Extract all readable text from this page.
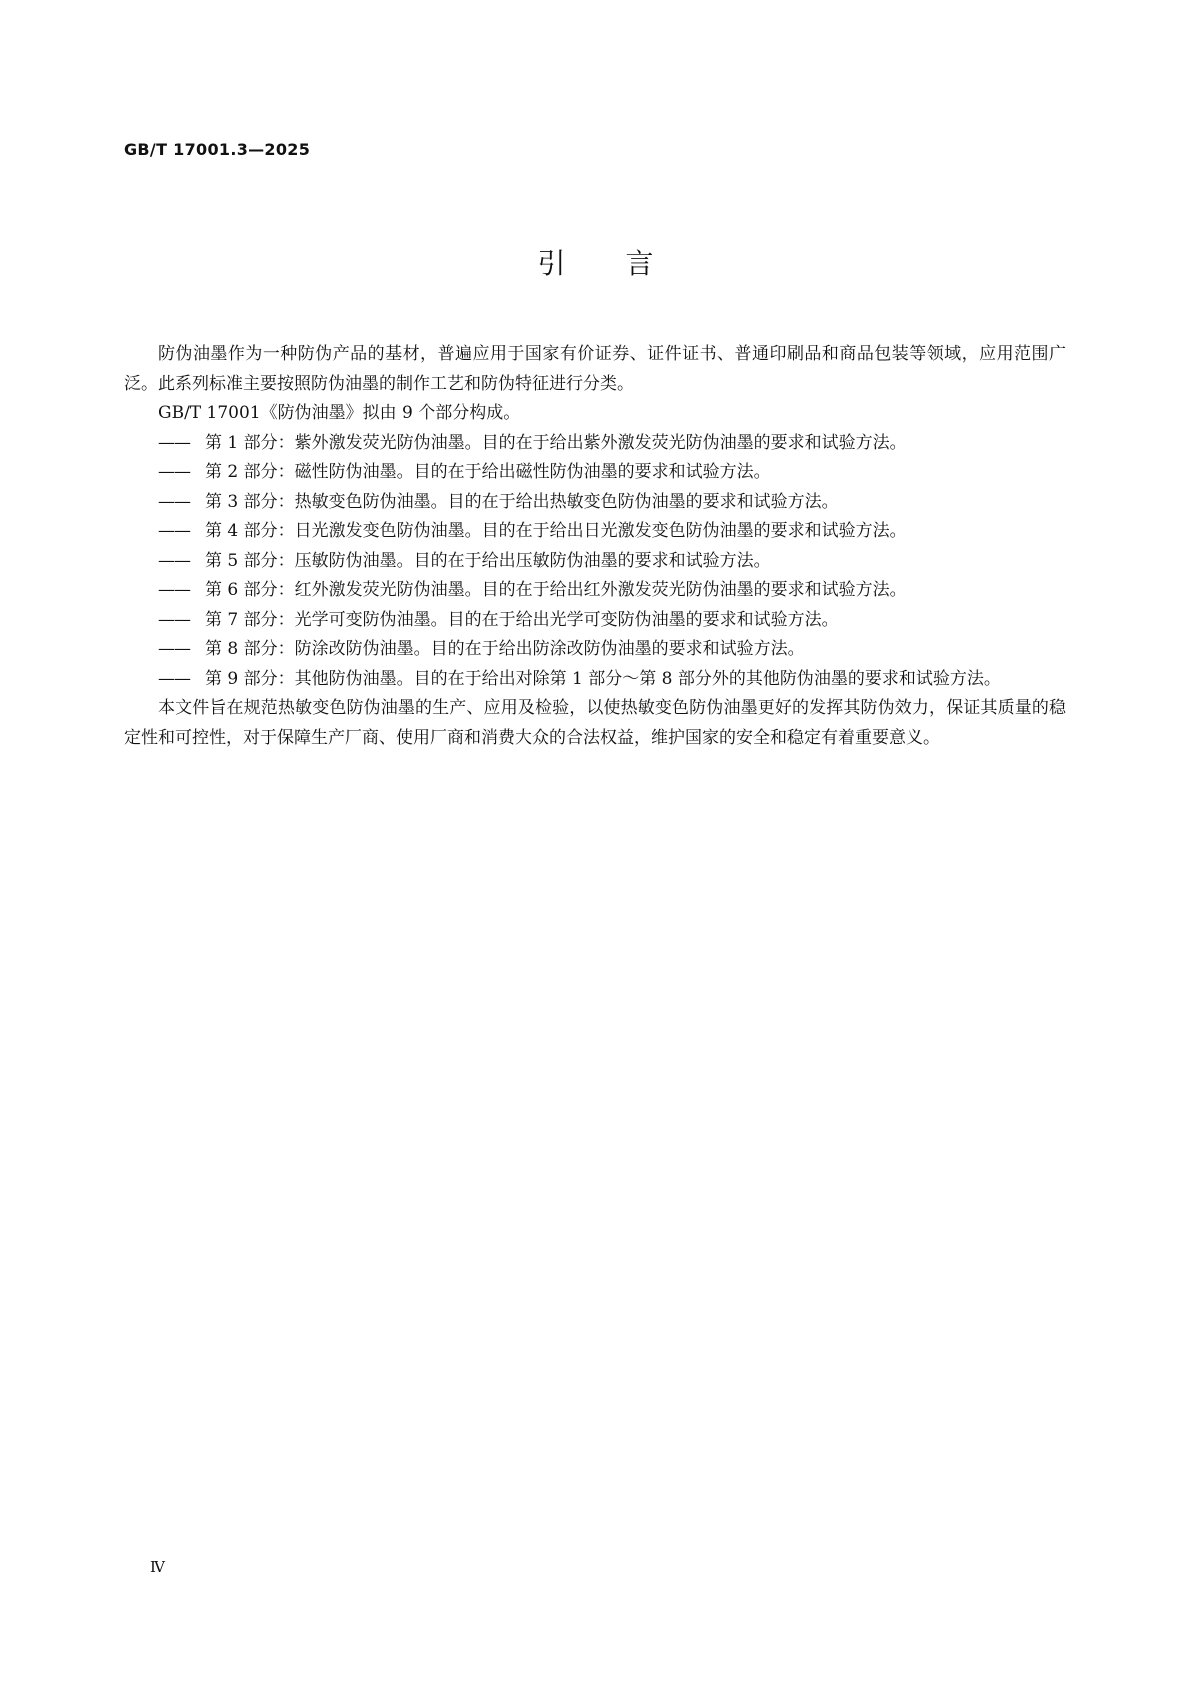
GB/T 17001.3—2025
引言

防伪油墨作为一种防伪产品的基材，普遍应用于国家有价证券、证件证书、普通印刷品和商品包装等领域，应用范围广泛。此系列标准主要按照防伪油墨的制作工艺和防伪特征进行分类。

GB/T 17001《防伪油墨》拟由 9 个部分构成。

—— 第 1 部分：紫外激发荧光防伪油墨。目的在于给出紫外激发荧光防伪油墨的要求和试验方法。

—— 第 2 部分：磁性防伪油墨。目的在于给出磁性防伪油墨的要求和试验方法。

—— 第 3 部分：热敏变色防伪油墨。目的在于给出热敏变色防伪油墨的要求和试验方法。

—— 第 4 部分：日光激发变色防伪油墨。目的在于给出日光激发变色防伪油墨的要求和试验方法。

—— 第 5 部分：压敏防伪油墨。目的在于给出压敏防伪油墨的要求和试验方法。

—— 第 6 部分：红外激发荧光防伪油墨。目的在于给出红外激发荧光防伪油墨的要求和试验方法。

—— 第 7 部分：光学可变防伪油墨。目的在于给出光学可变防伪油墨的要求和试验方法。

—— 第 8 部分：防涂改防伪油墨。目的在于给出防涂改防伪油墨的要求和试验方法。

—— 第 9 部分：其他防伪油墨。目的在于给出对除第 1 部分～第 8 部分外的其他防伪油墨的要求和试验方法。

本文件旨在规范热敏变色防伪油墨的生产、应用及检验，以使热敏变色防伪油墨更好的发挥其防伪效力，保证其质量的稳定性和可控性，对于保障生产厂商、使用厂商和消费大众的合法权益，维护国家的安全和稳定有着重要意义。

Ⅳ
